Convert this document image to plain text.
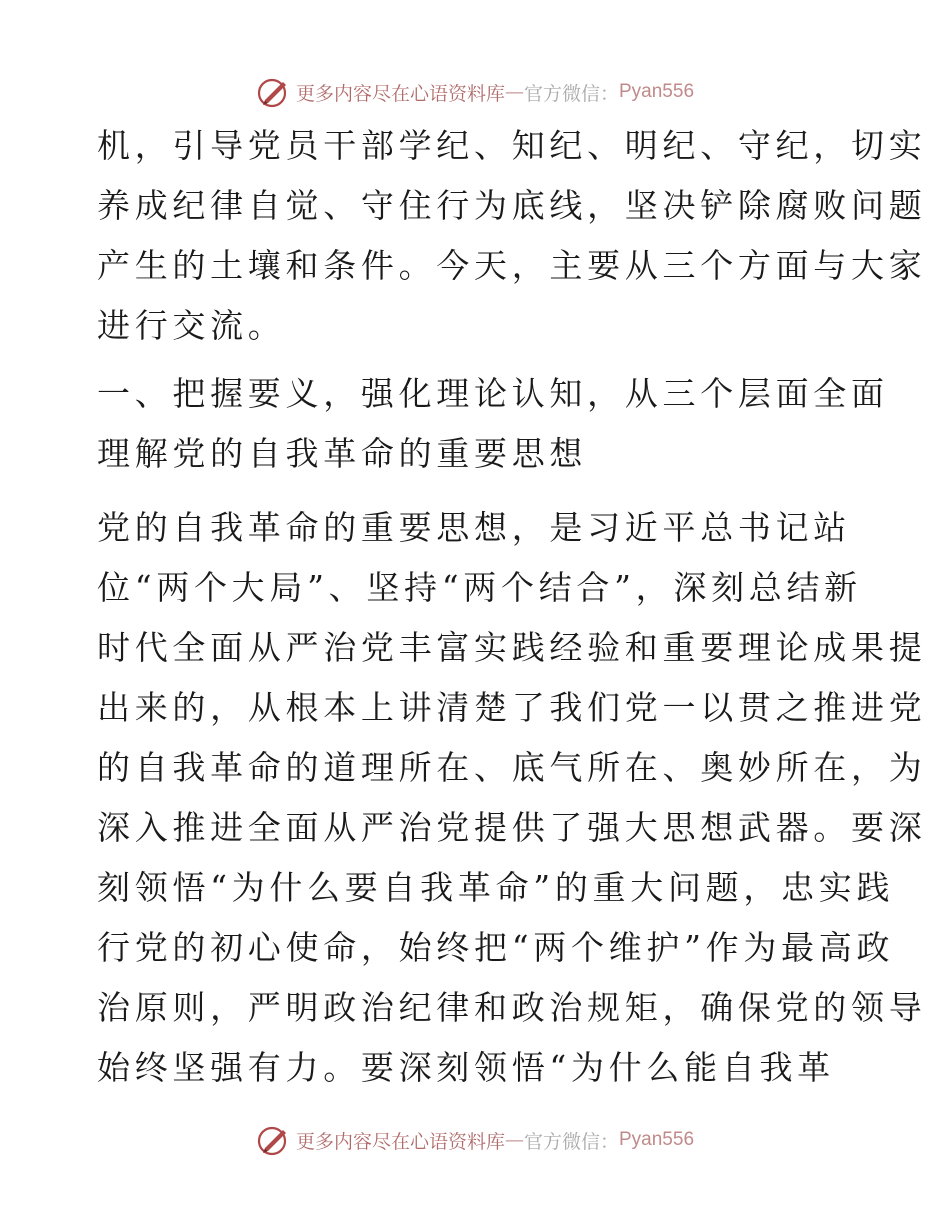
更多内容尽在心语资料库 — 官方微信： Pyan556
机，引导党员干部学纪、知纪、明纪、守纪，切实
养成纪律自觉、守住行为底线，坚决铲除腐败问题
产生的土壤和条件。今天，主要从三个方面与大家
进行交流。
一、把握要义，强化理论认知，从三个层面全面
理解党的自我革命的重要思想
党的自我革命的重要思想，是习近平总书记站
位“两个大局”、坚持“两个结合”，深刻总结新
时代全面从严治党丰富实践经验和重要理论成果提
出来的，从根本上讲清楚了我们党一以贯之推进党
的自我革命的道理所在、底气所在、奥妙所在，为
深入推进全面从严治党提供了强大思想武器。要深
刻领悟“为什么要自我革命”的重大问题，忠实践
行党的初心使命，始终把“两个维护”作为最高政
治原则，严明政治纪律和政治规矩，确保党的领导
始终坚强有力。要深刻领悟“为什么能自我革
更多内容尽在心语资料库 — 官方微信： Pyan556
